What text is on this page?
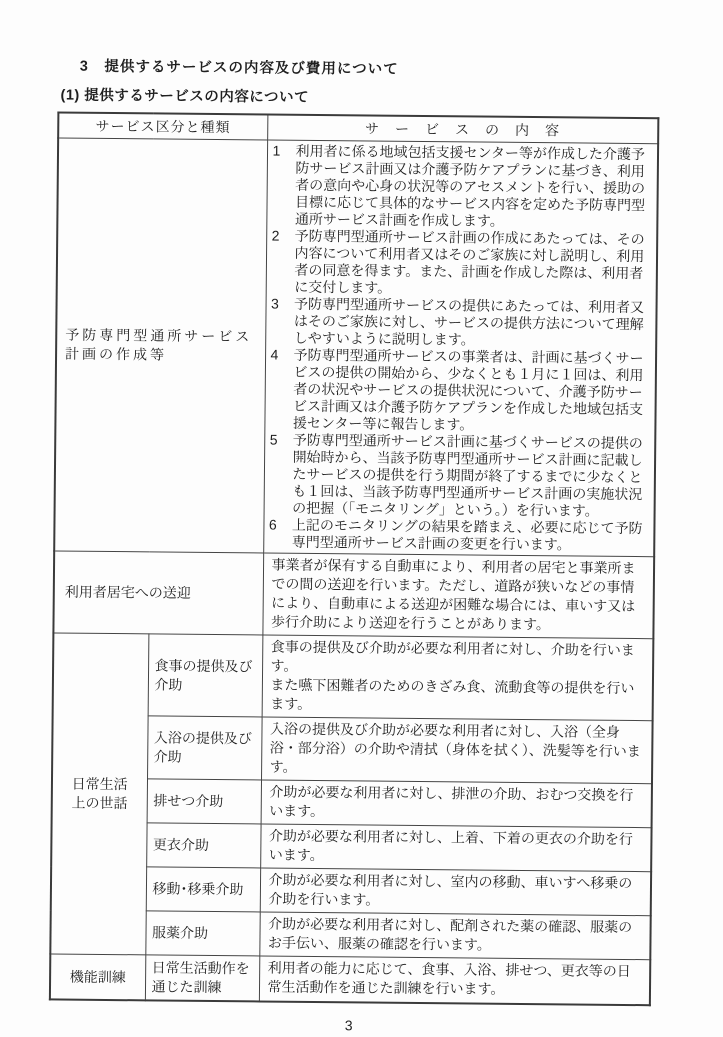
3　提供するサービスの内容及び費用について
(1) 提供するサービスの内容について
サービス区分と種類		サ　ー　ビ　ス　の　内　容
予防専門型通所サービス
計画の作成等	
1	利用者に係る地域包括支援センター等が作成した介護予防サービス計画又は介護予防ケアプランに基づき、利用者の意向や心身の状況等のアセスメントを行い、援助の　目標に応じて具体的なサービス内容を定めた予防専門型通所サービス計画を作成します。
2	予防専門型通所サービス計画の作成にあたっては、その内容について利用者又はそのご家族に対し説明し、利用者の同意を得ます。また、計画を作成した際は、利用者に交付します。
3	予防専門型通所サービスの提供にあたっては、利用者又はそのご家族に対し、サービスの提供方法について理解しやすいように説明します。
4	予防専門型通所サービスの事業者は、計画に基づくサービスの提供の開始から、少なくとも１月に１回は、利用者の状況やサービスの提供状況について、介護予防サービス計画又は介護予防ケアプランを作成した地域包括支援センター等に報告します。
5	予防専門型通所サービス計画に基づくサービスの提供の開始時から、当該予防専門型通所サービス計画に記載したサービスの提供を行う期間が終了するまでに少なくとも１回は、当該予防専門型通所サービス計画の実施状況の把握（「モニタリング」という。）を行います。
6	上記のモニタリングの結果を踏まえ、必要に応じて予防専門型通所サービス計画の変更を行います。

利用者居宅への送迎		事業者が保有する自動車により、利用者の居宅と事業所までの間の送迎を行います。ただし、道路が狭いなどの事情により、自動車による送迎が困難な場合には、車いす又は歩行介助により送迎を行うことがあります。
日常生活
上の世話	食事の提供及び介助	食事の提供及び介助が必要な利用者に対し、介助を行います。
また嚥下困難者のためのきざみ食、流動食等の提供を行います。
	入浴の提供及び介助	入浴の提供及び介助が必要な利用者に対し、入浴（全身浴・部分浴）の介助や清拭（身体を拭く）、洗髪等を行います。
	排せつ介助	介助が必要な利用者に対し、排泄の介助、おむつ交換を行います。
	更衣介助	介助が必要な利用者に対し、上着、下着の更衣の介助を行います。
	移動･移乗介助	介助が必要な利用者に対し、室内の移動、車いすへ移乗の介助を行います。
	服薬介助	介助が必要な利用者に対し、配剤された薬の確認、服薬のお手伝い、服薬の確認を行います。
機能訓練	日常生活動作を通じた訓練	利用者の能力に応じて、食事、入浴、排せつ、更衣等の日常生活動作を通じた訓練を行います。
3
